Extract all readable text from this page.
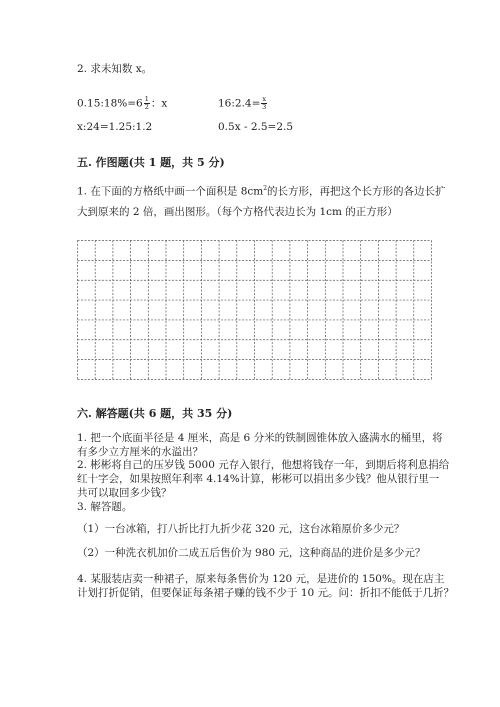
2. 求未知数 x。
0.15:18%=6 $\frac{1}{2}$ ：x	16:2.4= $\frac{x}{3}$
x:24=1.25:1.2	0.5x - 2.5=2.5
五. 作图题(共 1 题，共 5 分)
1. 在下面的方格纸中画一个面积是 $8cm^2$的长方形，再把这个长方形的各边长扩
大到原来的 2 倍，画出图形。（每个方格代表边长为 1cm 的正方形）
六. 解答题(共 6 题，共 35 分)
1. 把一个底面半径是 4 厘米，高是 6 分米的铁制圆锥体放入盛满水的桶里，将
有多少立方厘米的水溢出？
2. 彬彬将自己的压岁钱 5000 元存入银行，他想将钱存一年，到期后将利息捐给
红十字会，如果按照年利率 4.14%计算，彬彬可以捐出多少钱？他从银行里一
共可以取回多少钱？
3. 解答题。
（1）一台冰箱，打八折比打九折少花 320 元，这台冰箱原价多少元？
（2）一种洗衣机加价二成五后售价为 980 元，这种商品的进价是多少元？
4. 某服装店卖一种裙子，原来每条售价为 120 元，是进价的 150%。现在店主
计划打折促销，但要保证每条裙子赚的钱不少于 10 元。问：折扣不能低于几折？
